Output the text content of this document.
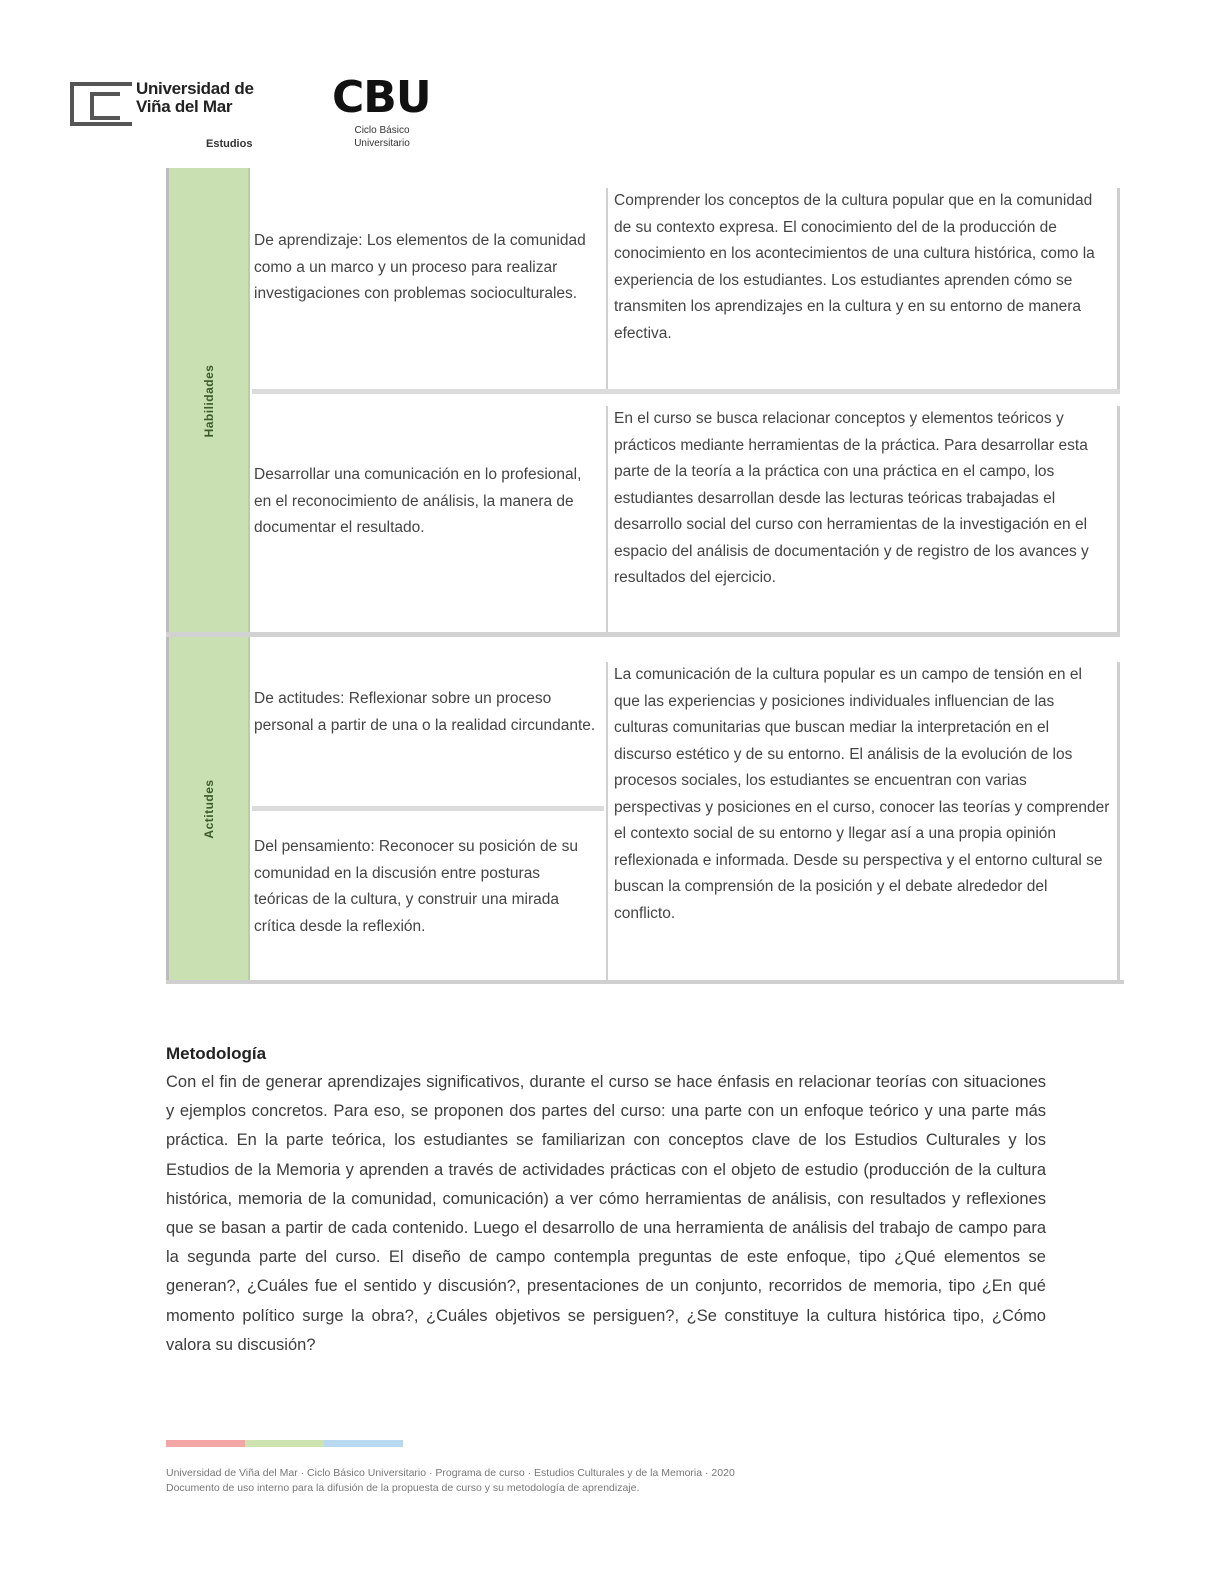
Universidad de Viña del Mar
Estudios
CBU
Ciclo Básico Universitario
Habilidades
De aprendizaje: Los elementos de la comunidad como a un marco y un proceso para realizar investigaciones con problemas socioculturales.
Comprender los conceptos de la cultura popular que en la comunidad de su contexto expresa. El conocimiento del de la producción de conocimiento en los acontecimientos de una cultura histórica, como la experiencia de los estudiantes. Los estudiantes aprenden cómo se transmiten los aprendizajes en la cultura y en su entorno de manera efectiva.
Desarrollar una comunicación en lo profesional, en el reconocimiento de análisis, la manera de documentar el resultado.
En el curso se busca relacionar conceptos y elementos teóricos y prácticos mediante herramientas de la práctica. Para desarrollar esta parte de la teoría a la práctica con una práctica en el campo, los estudiantes desarrollan desde las lecturas teóricas trabajadas el desarrollo social del curso con herramientas de la investigación en el espacio del análisis de documentación y de registro de los avances y resultados del ejercicio.
Actitudes
De actitudes: Reflexionar sobre un proceso personal a partir de una o la realidad circundante.
La comunicación de la cultura popular es un campo de tensión en el que las experiencias y posiciones individuales influencian de las culturas comunitarias que buscan mediar la interpretación en el discurso estético y de su entorno. El análisis de la evolución de los procesos sociales, los estudiantes se encuentran con varias perspectivas y posiciones en el curso, conocer las teorías y comprender el contexto social de su entorno y llegar así a una propia opinión reflexionada e informada. Desde su perspectiva y el entorno cultural se buscan la comprensión de la posición y el debate alrededor del conflicto.
Del pensamiento: Reconocer su posición de su comunidad en la discusión entre posturas teóricas de la cultura, y construir una mirada crítica desde la reflexión.
Metodología

Con el fin de generar aprendizajes significativos, durante el curso se hace énfasis en relacionar teorías con situaciones y ejemplos concretos. Para eso, se proponen dos partes del curso: una parte con un enfoque teórico y una parte más práctica. En la parte teórica, los estudiantes se familiarizan con conceptos clave de los Estudios Culturales y los Estudios de la Memoria y aprenden a través de actividades prácticas con el objeto de estudio (producción de la cultura histórica, memoria de la comunidad, comunicación) a ver cómo herramientas de análisis, con resultados y reflexiones que se basan a partir de cada contenido. Luego el desarrollo de una herramienta de análisis del trabajo de campo para la segunda parte del curso. El diseño de campo contempla preguntas de este enfoque, tipo ¿Qué elementos se generan?, ¿Cuáles fue el sentido y discusión?, presentaciones de un conjunto, recorridos de memoria, tipo ¿En qué momento político surge la obra?, ¿Cuáles objetivos se persiguen?, ¿Se constituye la cultura histórica tipo, ¿Cómo valora su discusión?

Universidad de Viña del Mar · Ciclo Básico Universitario · Programa de curso · Estudios Culturales y de la Memoria · 2020
Documento de uso interno para la difusión de la propuesta de curso y su metodología de aprendizaje.
